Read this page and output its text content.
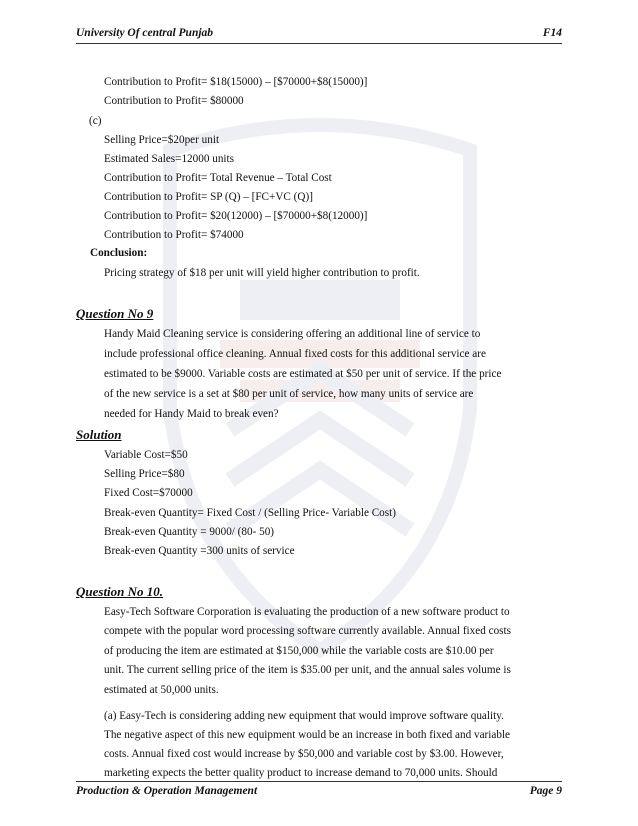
University Of central Punjab	F14
Contribution to Profit= $18(15000) – [$70000+$8(15000)]
Contribution to Profit= $80000
(c)
Selling Price=$20per unit
Estimated Sales=12000 units
Contribution to Profit= Total Revenue – Total Cost
Contribution to Profit= SP (Q) – [FC+VC (Q)]
Contribution to Profit= $20(12000) – [$70000+$8(12000)]
Contribution to Profit= $74000
Conclusion:
Pricing strategy of $18 per unit will yield higher contribution to profit.
Question No 9
Handy Maid Cleaning service is considering offering an additional line of service to
include professional office cleaning. Annual fixed costs for this additional service are
estimated to be $9000. Variable costs are estimated at $50 per unit of service. If the price
of the new service is a set at $80 per unit of service, how many units of service are
needed for Handy Maid to break even?
Solution
Variable Cost=$50
Selling Price=$80
Fixed Cost=$70000
Break-even Quantity= Fixed Cost / (Selling Price- Variable Cost)
Break-even Quantity = 9000/ (80- 50)
Break-even Quantity =300 units of service
Question No 10.
Easy-Tech Software Corporation is evaluating the production of a new software product to
compete with the popular word processing software currently available. Annual fixed costs
of producing the item are estimated at $150,000 while the variable costs are $10.00 per
unit. The current selling price of the item is $35.00 per unit, and the annual sales volume is
estimated at 50,000 units.
(a) Easy-Tech is considering adding new equipment that would improve software quality.
The negative aspect of this new equipment would be an increase in both fixed and variable
costs. Annual fixed cost would increase by $50,000 and variable cost by $3.00. However,
marketing expects the better quality product to increase demand to 70,000 units. Should
Production & Operation Management	Page 9
